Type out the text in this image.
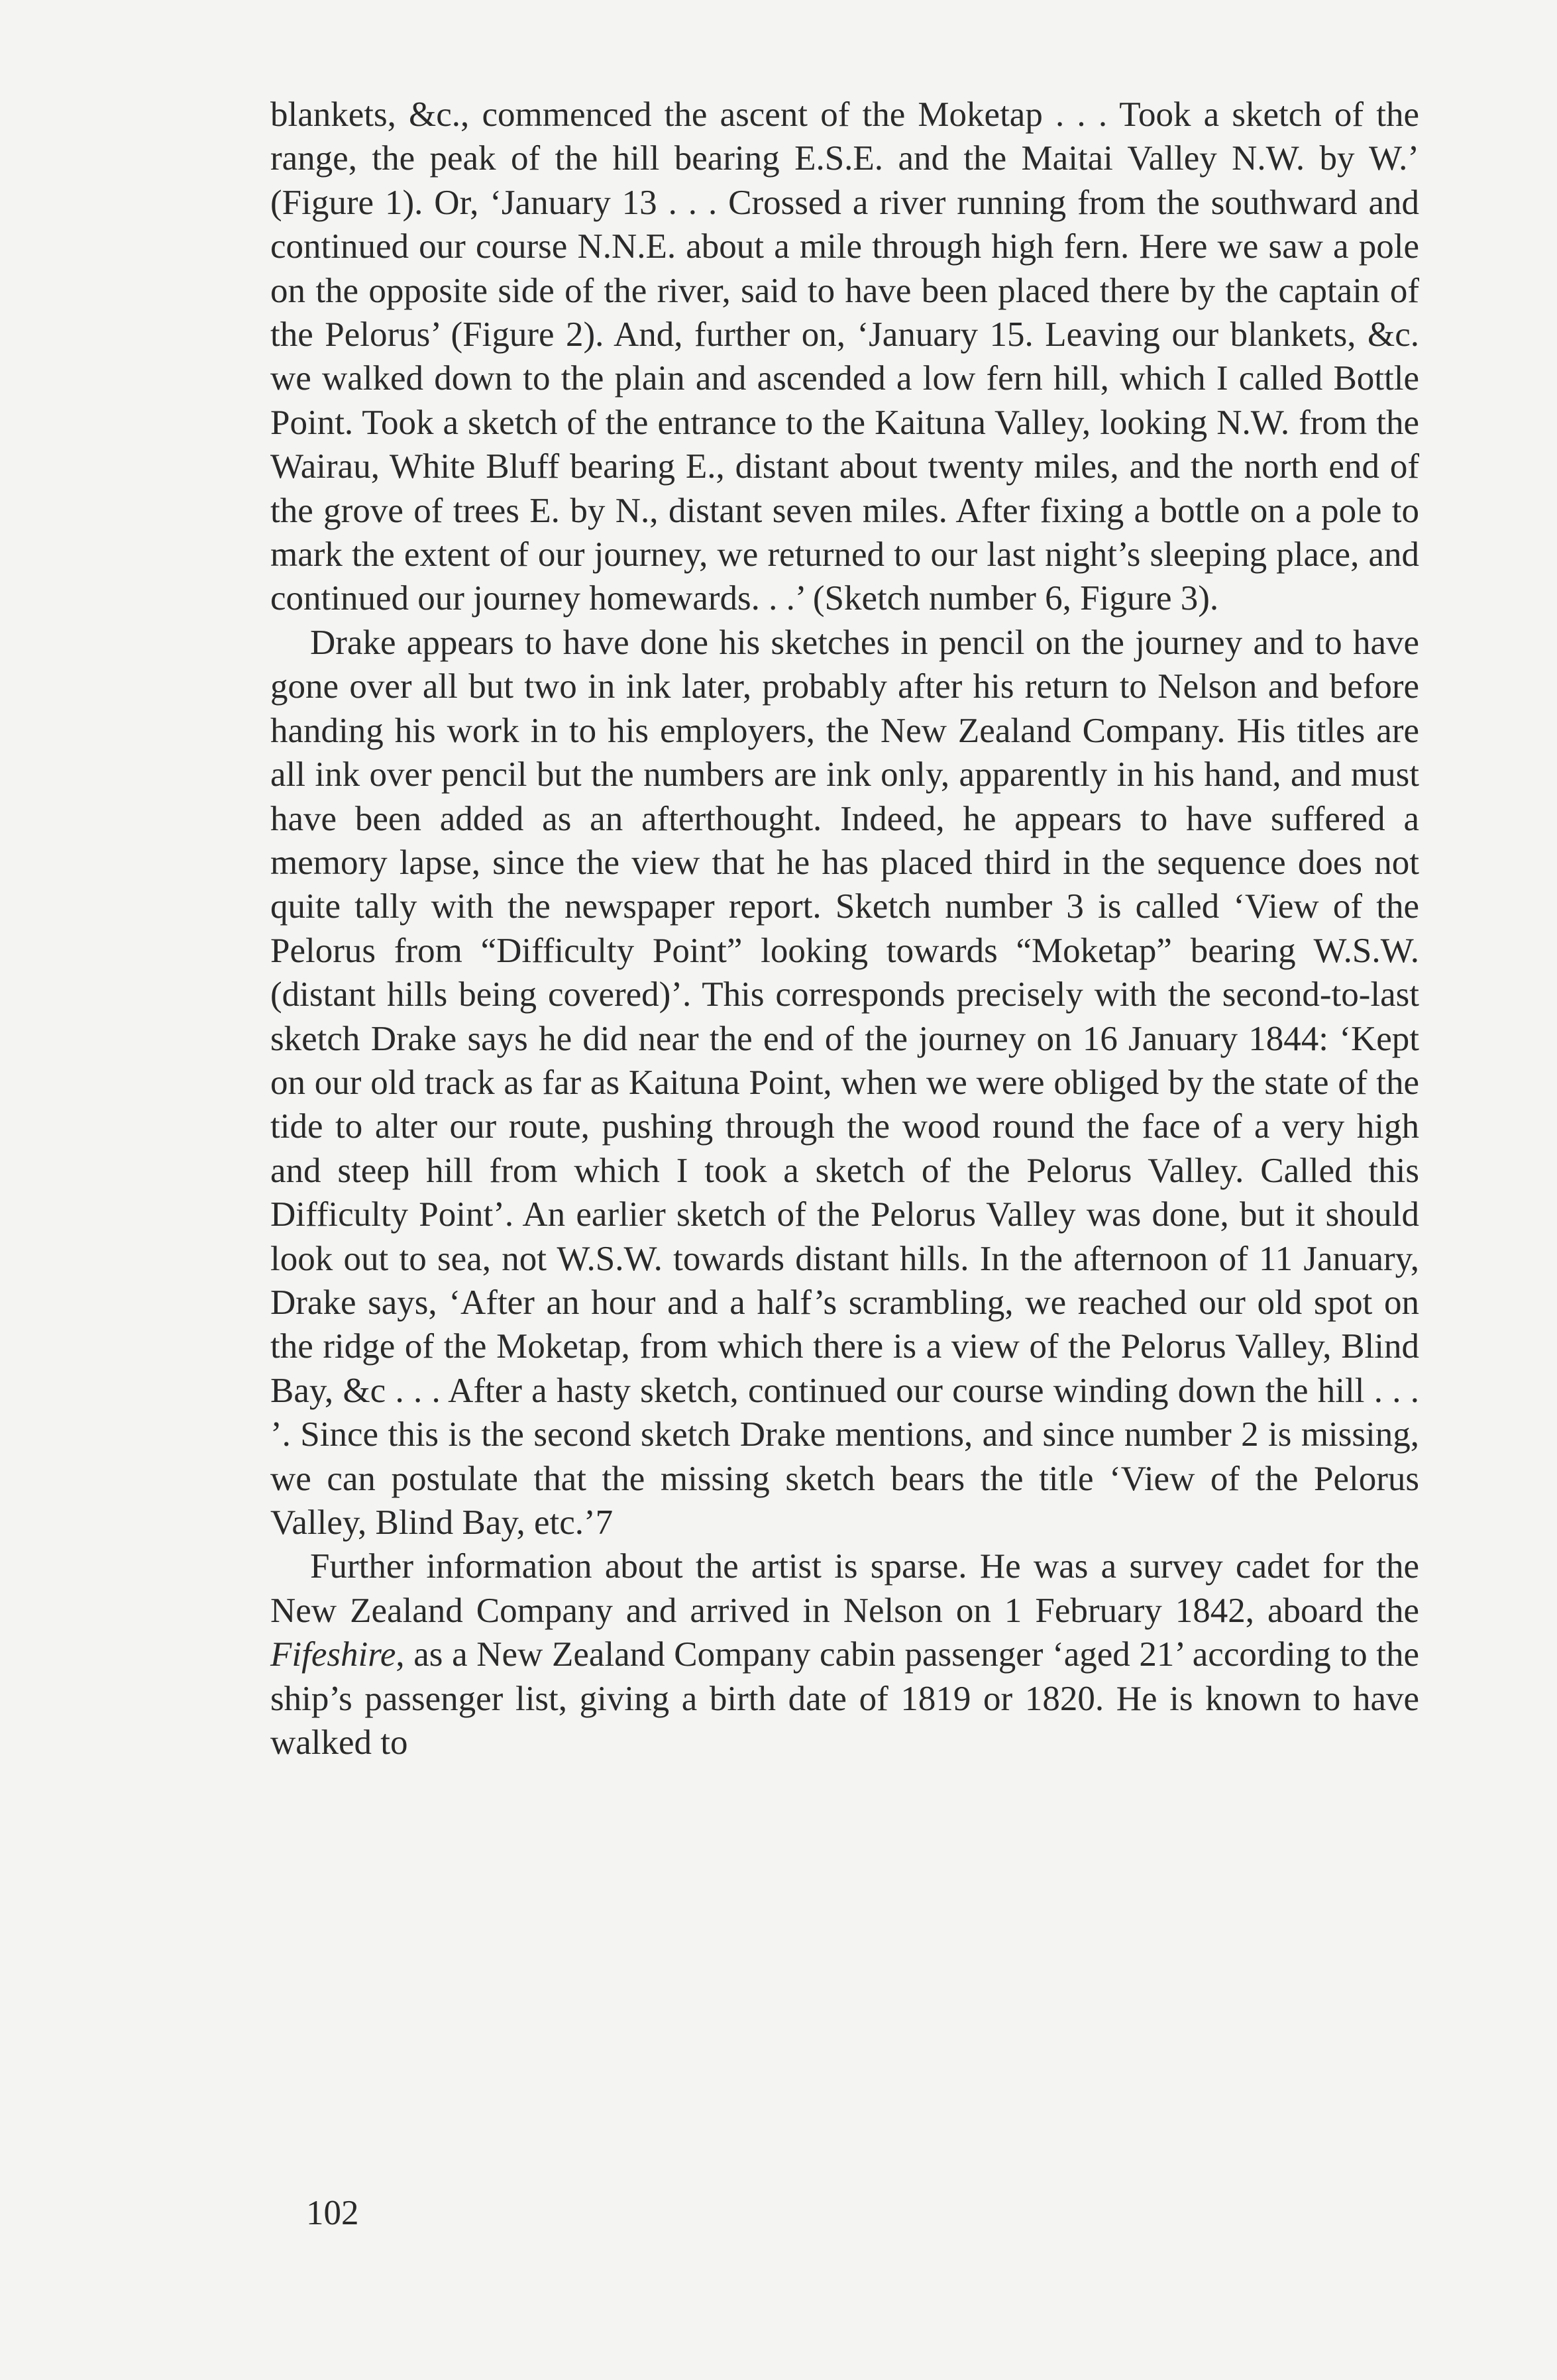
blankets, &c., commenced the ascent of the Moketap . . . Took a sketch of the range, the peak of the hill bearing E.S.E. and the Maitai Valley N.W. by W.’ (Figure 1). Or, ‘January 13 . . . Crossed a river running from the southward and continued our course N.N.E. about a mile through high fern. Here we saw a pole on the opposite side of the river, said to have been placed there by the captain of the Pelorus’ (Figure 2). And, further on, ‘January 15. Leaving our blankets, &c. we walked down to the plain and ascended a low fern hill, which I called Bottle Point. Took a sketch of the entrance to the Kaituna Valley, looking N.W. from the Wairau, White Bluff bearing E., distant about twenty miles, and the north end of the grove of trees E. by N., distant seven miles. After fixing a bottle on a pole to mark the extent of our journey, we returned to our last night’s sleeping place, and continued our journey homewards. . .’ (Sketch number 6, Figure 3).

Drake appears to have done his sketches in pencil on the journey and to have gone over all but two in ink later, probably after his return to Nelson and before handing his work in to his employers, the New Zealand Company. His titles are all ink over pencil but the numbers are ink only, apparently in his hand, and must have been added as an afterthought. Indeed, he appears to have suffered a memory lapse, since the view that he has placed third in the sequence does not quite tally with the newspaper report. Sketch number 3 is called ‘View of the Pelorus from “Difficulty Point” looking towards “Moketap” bearing W.S.W. (distant hills being covered)’. This corresponds precisely with the second-to-last sketch Drake says he did near the end of the journey on 16 January 1844: ‘Kept on our old track as far as Kaituna Point, when we were obliged by the state of the tide to alter our route, pushing through the wood round the face of a very high and steep hill from which I took a sketch of the Pelorus Valley. Called this Difficulty Point’. An earlier sketch of the Pelorus Valley was done, but it should look out to sea, not W.S.W. towards distant hills. In the afternoon of 11 January, Drake says, ‘After an hour and a half’s scrambling, we reached our old spot on the ridge of the Moketap, from which there is a view of the Pelorus Valley, Blind Bay, &c . . . After a hasty sketch, continued our course winding down the hill . . . ’. Since this is the second sketch Drake mentions, and since number 2 is missing, we can postulate that the missing sketch bears the title ‘View of the Pelorus Valley, Blind Bay, etc.’7

Further information about the artist is sparse. He was a survey cadet for the New Zealand Company and arrived in Nelson on 1 February 1842, aboard the Fifeshire, as a New Zealand Company cabin passenger ‘aged 21’ according to the ship’s passenger list, giving a birth date of 1819 or 1820. He is known to have walked to

102
